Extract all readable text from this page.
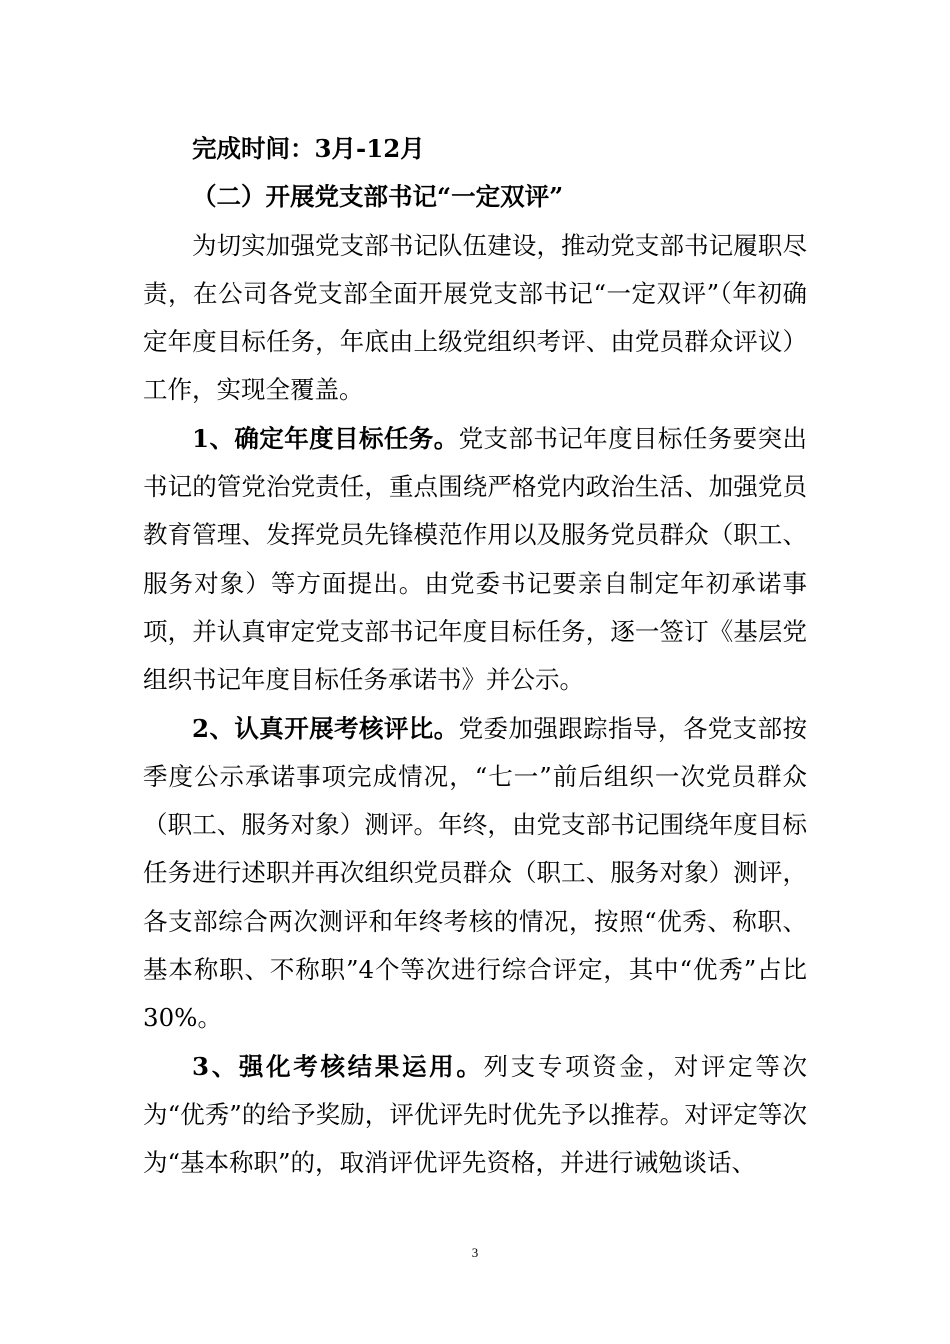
完成时间：3月-12月

（二）开展党支部书记“一定双评”

为切实加强党支部书记队伍建设，推动党支部书记履职尽责，在公司各党支部全面开展党支部书记“一定双评”（年初确定年度目标任务，年底由上级党组织考评、由党员群众评议）工作，实现全覆盖。

1、确定年度目标任务。党支部书记年度目标任务要突出书记的管党治党责任，重点围绕严格党内政治生活、加强党员教育管理、发挥党员先锋模范作用以及服务党员群众（职工、服务对象）等方面提出。由党委书记要亲自制定年初承诺事项，并认真审定党支部书记年度目标任务，逐一签订《基层党组织书记年度目标任务承诺书》并公示。

2、认真开展考核评比。党委加强跟踪指导，各党支部按季度公示承诺事项完成情况，“七一”前后组织一次党员群众（职工、服务对象）测评。年终，由党支部书记围绕年度目标任务进行述职并再次组织党员群众（职工、服务对象）测评，各支部综合两次测评和年终考核的情况，按照“优秀、称职、基本称职、不称职”4个等次进行综合评定，其中“优秀”占比30%。

3、强化考核结果运用。列支专项资金，对评定等次为“优秀”的给予奖励，评优评先时优先予以推荐。对评定等次为“基本称职”的，取消评优评先资格，并进行诫勉谈话、

3
